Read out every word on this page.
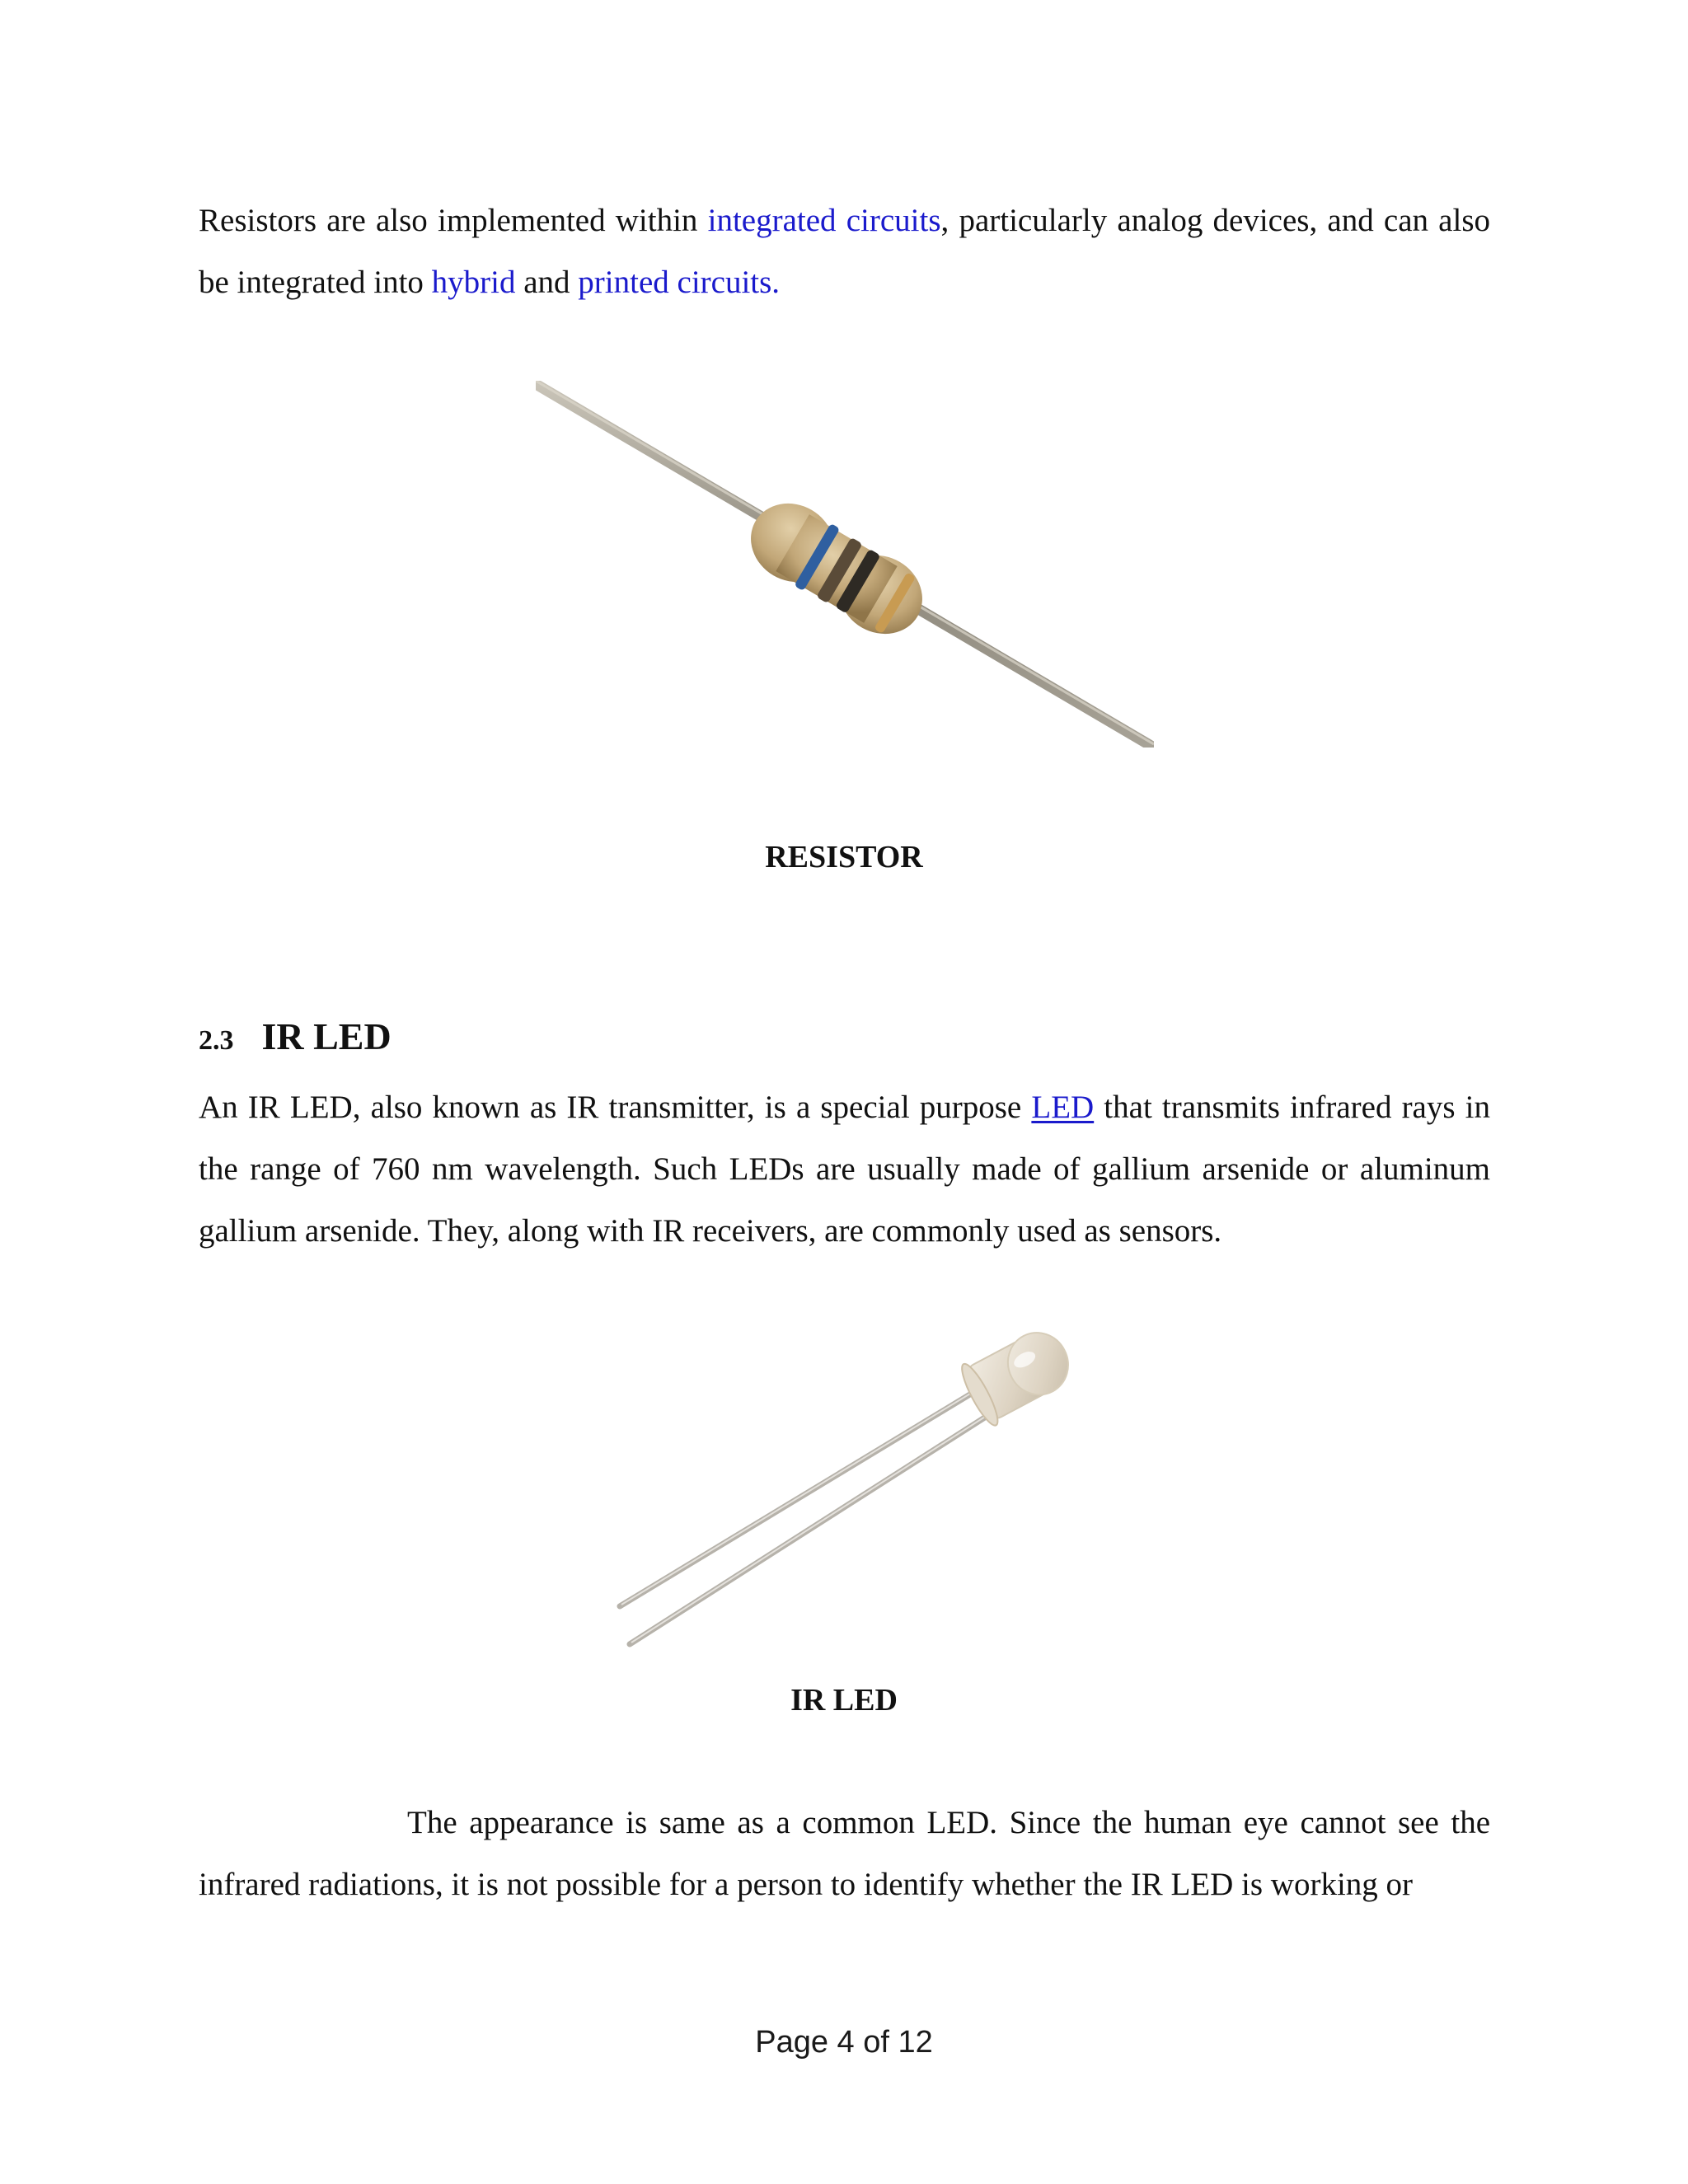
Resistors are also implemented within integrated circuits, particularly analog devices, and can also be integrated into hybrid and printed circuits.

RESISTOR

2.3 IR LED

An IR LED, also known as IR transmitter, is a special purpose LED that transmits infrared rays in the range of 760 nm wavelength. Such LEDs are usually made of gallium arsenide or aluminum gallium arsenide. They, along with IR receivers, are commonly used as sensors.

IR LED

The appearance is same as a common LED. Since the human eye cannot see the infrared radiations, it is not possible for a person to identify whether the IR LED is working or

Page 4 of 12
